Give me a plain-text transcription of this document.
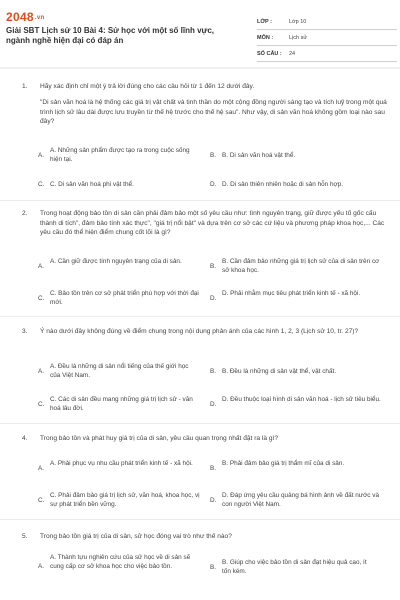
2048.vn
Giải SBT Lịch sử 10 Bài 4: Sử học với một số lĩnh vực, ngành nghề hiện đại có đáp án
LỚP :	Lớp 10
MÔN :	Lịch sử
SỐ CÂU :	24
1.	Hãy xác định chỉ một ý trả lời đúng cho các câu hỏi từ 1 đến 12 dưới đây.
"Di sản văn hoá là hệ thống các giá trị vật chất và tinh thần do một cộng đồng người sáng tạo và tích luỹ trong một quá trình lịch sử lâu dài được lưu truyền từ thế hệ trước cho thế hệ sau". Như vậy, di sản văn hoá không gồm loại nào sau đây?
A.
A. Những sản phẩm được tạo ra trong cuộc sống hiện tại.
B. B. Di sản văn hoá vật thể.
C. C. Di sản văn hoá phi vật thể.	D. D. Di sản thiên nhiên hoặc di sản hỗn hợp.
2.	Trong hoạt động bảo tồn di sản cần phải đảm bảo một số yêu cầu như: tình nguyên trạng, giữ được yếu tố gốc cấu thành di tích", đảm bảo tính xác thực", "giá trị nổi bật" và dựa trên cơ sở các cứ liệu và phương pháp khoa học,... Các yêu cầu đó thể hiện điểm chung cốt lõi là gì?
A.
A. Cần giữ được tính nguyên trạng của di sản.
B.
B. Cần đảm bảo những giá trị lịch sử của di sản trên cơ sở khoa học.
C.
C. Bảo tồn trên cơ sở phát triển phù hợp với thời đại mới.
D.
D. Phải nhằm mục tiêu phát triển kinh tế - xã hội.
3.	Ý nào dưới đây không đúng về điểm chung trong nội dung phản ánh của các hình 1, 2, 3 (Lịch sử 10, tr. 27)?
A.
A. Đều là những di sản nổi tiếng của thế giới học của Việt Nam.
B. B. Đều là những di sản vật thể, vật chất.
C.
C. Các di sản đều mang những giá trị lịch sử - văn hoá lâu đời.
D.
D. Đều thuộc loại hình di sản văn hoá - lịch sử tiêu biểu.
4.	Trong bảo tồn và phát huy giá trị của di sản, yêu cầu quan trọng nhất đặt ra là gì?
A.
A. Phải phục vụ nhu cầu phát triển kinh tế - xã hội.
B.
B. Phải đảm bảo giá trị thẩm mĩ của di sản.
C.
C. Phải đảm bảo giá trị lịch sử, văn hoá, khoa học, vị sự phát triển bền vững.
D.
D. Đáp ứng yêu cầu quảng bá hình ảnh về đất nước và con người Việt Nam.
5.	Trong bảo tồn giá trị của di sản, sử học đóng vai trò như thế nào?
A.
A. Thành tựu nghiên cứu của sử học về di sản sẽ cung cấp cơ sở khoa học cho việc bảo tồn.	B.
B. Giúp cho việc bảo tồn di sản đạt hiệu quả cao, ít tốn kém.
